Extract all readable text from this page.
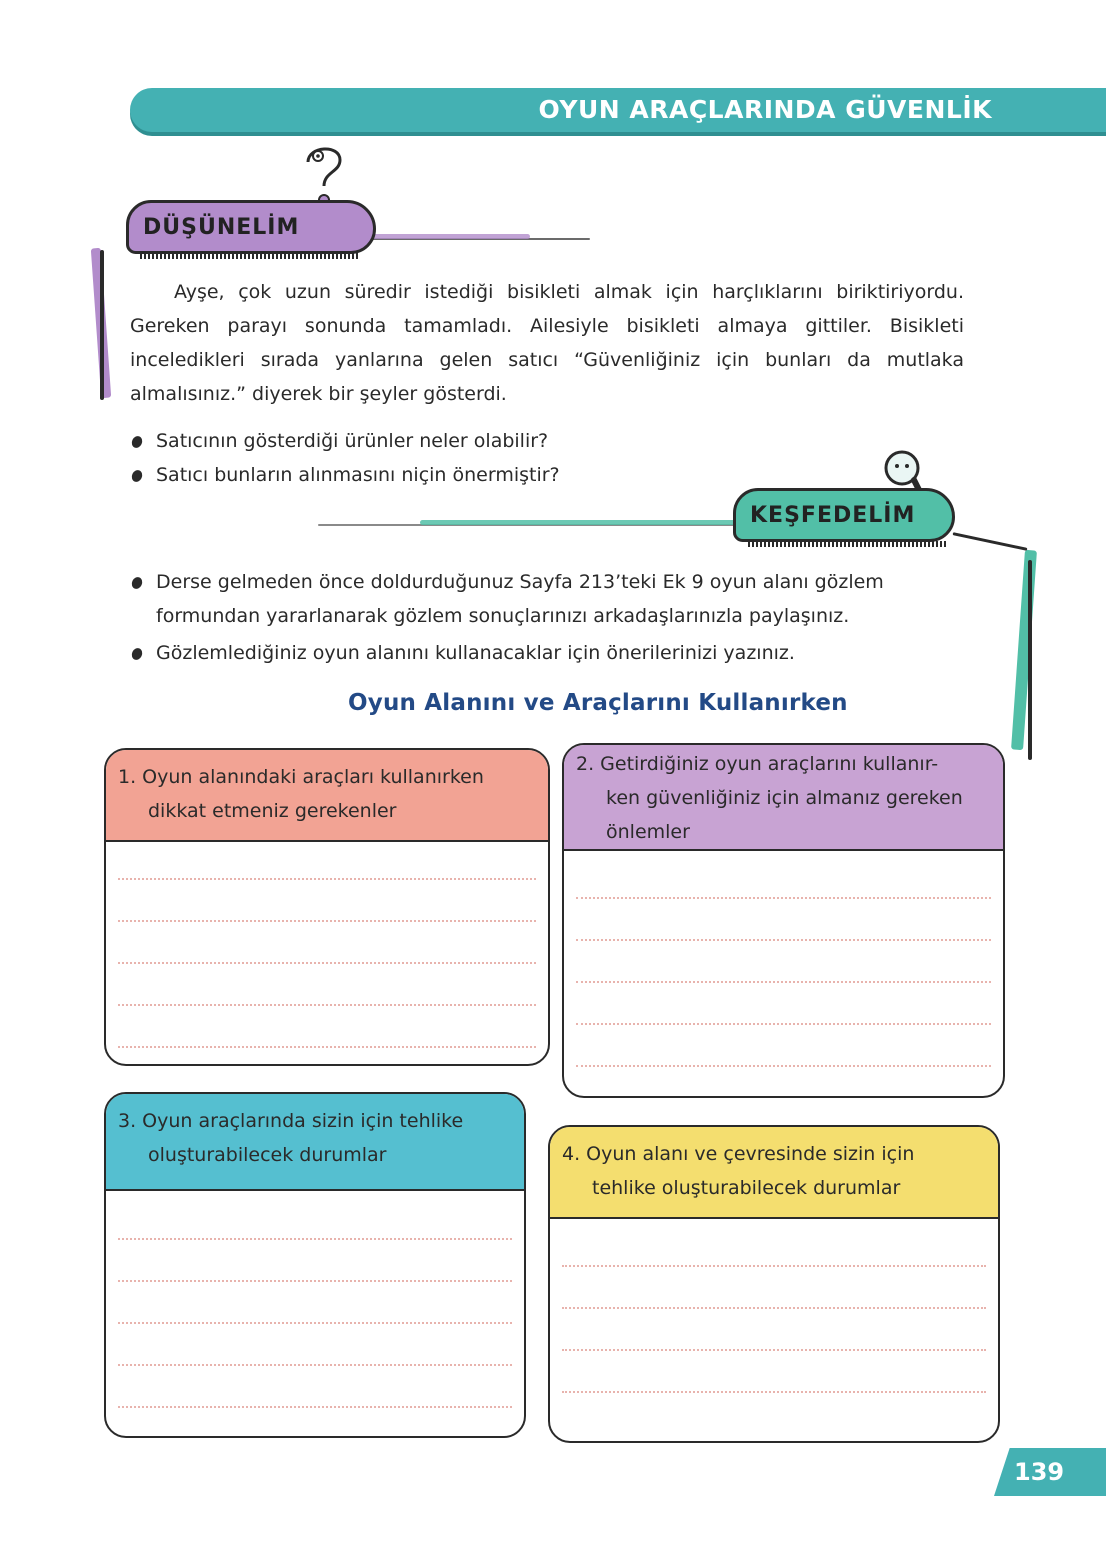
OYUN ARAÇLARINDA GÜVENLİK
DÜŞÜNELİM

Ayşe, çok uzun süredir istediği bisikleti almak için harçlıklarını biriktiriyordu. Gereken parayı sonunda tamamladı. Ailesiyle bisikleti almaya gittiler. Bisikleti inceledikleri sırada yanlarına gelen satıcı “Güvenliğiniz için bunları da mutlaka almalısınız.” diyerek bir şeyler gösterdi.

Satıcının gösterdiği ürünler neler olabilir?
Satıcı bunların alınmasını niçin önermiştir?
KEŞFEDELİM
Derse gelmeden önce doldurduğunuz Sayfa 213’teki Ek 9 oyun alanı gözlem formundan yararlanarak gözlem sonuçlarınızı arkadaşlarınızla paylaşınız.
Gözlemlediğiniz oyun alanını kullanacaklar için önerilerinizi yazınız.
Oyun Alanını ve Araçlarını Kullanırken
1. Oyun alanındaki araçları kullanırken
dikkat etmeniz gerekenler
2. Getirdiğiniz oyun araçlarını kullanır-
ken güvenliğiniz için almanız gereken
önlemler
3. Oyun araçlarında sizin için tehlike
oluşturabilecek durumlar	4. Oyun alanı ve çevresinde sizin için
tehlike oluşturabilecek durumlar
139
